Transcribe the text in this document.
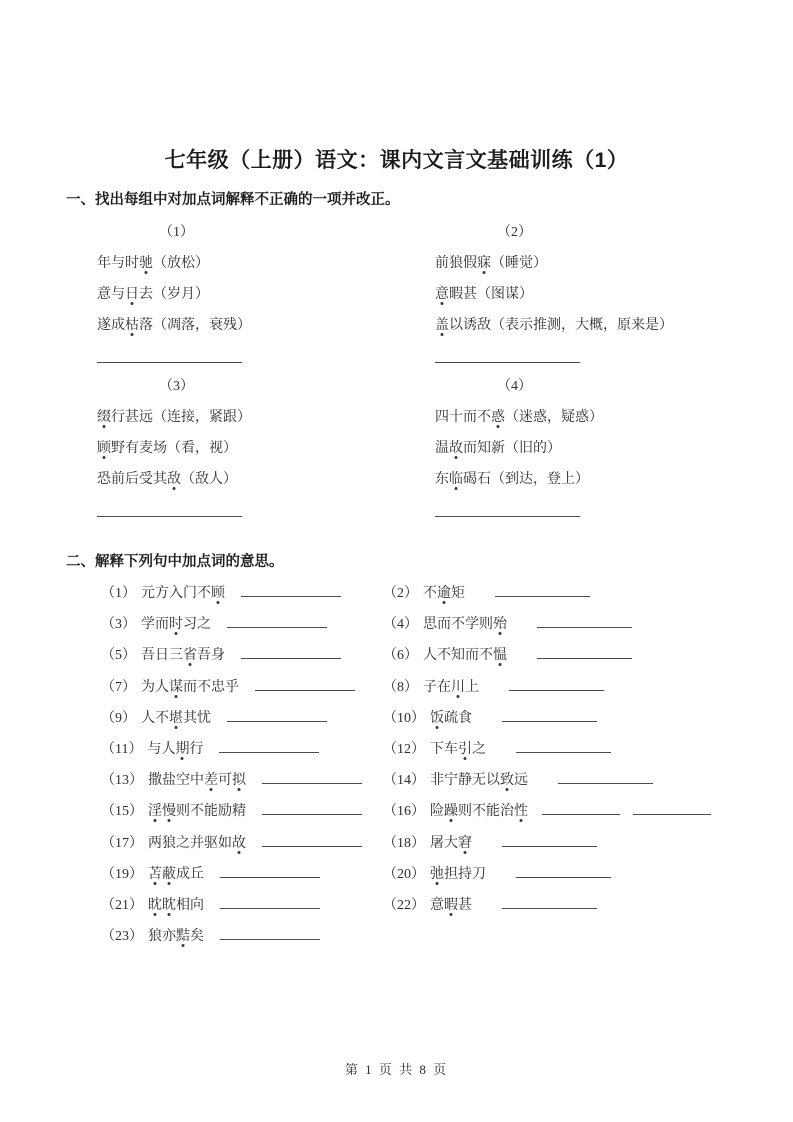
七年级（上册）语文：课内文言文基础训练（1）
一、找出每组中对加点词解释不正确的一项并改正。
（1）
年与时驰（放松）
意与日去（岁月）
遂成枯落（凋落，衰残）
（2）
前狼假寐（睡觉）
意暇甚（图谋）
盖以诱敌（表示推测，大概，原来是）
（3）
缀行甚远（连接，紧跟）
顾野有麦场（看，视）
恐前后受其敌（敌人）
（4）
四十而不惑（迷惑，疑惑）
温故而知新（旧的）
东临碣石（到达，登上）
二、解释下列句中加点词的意思。
（1） 元方入门不顾
（3） 学而时习之
（5） 吾日三省吾身
（7） 为人谋而不忠乎
（9） 人不堪其忧
（11） 与人期行
（13） 撒盐空中差可拟
（15） 淫慢则不能励精
（17） 两狼之并驱如故
（19） 苫蔽成丘
（21） 眈眈相向
（23） 狼亦黠矣
（2） 不逾矩
（4） 思而不学则殆
（6） 人不知而不愠
（8） 子在川上
（10） 饭疏食
（12） 下车引之
（14） 非宁静无以致远
（16） 险躁则不能治性
（18） 屠大窘
（20） 弛担持刀
（22） 意暇甚
第 1 页 共 8 页
